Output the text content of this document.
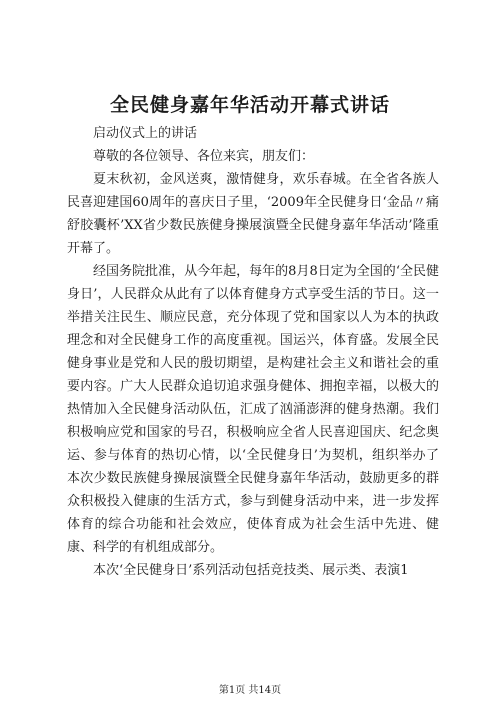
全民健身嘉年华活动开幕式讲话

启动仪式上的讲话

尊敬的各位领导、各位来宾，朋友们：

夏末秋初，金风送爽，激情健身，欢乐春城。在全省各族人民喜迎建国60周年的喜庆日子里，‘2009年全民健身日‘金品〃痛舒胶囊杯’XX省少数民族健身操展演暨全民健身嘉年华活动’隆重开幕了。

经国务院批准，从今年起，每年的8月8日定为全国的‘全民健身日’，人民群众从此有了以体育健身方式享受生活的节日。这一举措关注民生、顺应民意，充分体现了党和国家以人为本的执政理念和对全民健身工作的高度重视。国运兴，体育盛。发展全民健身事业是党和人民的殷切期望，是构建社会主义和谐社会的重要内容。广大人民群众追切追求强身健体、拥抱幸福，以极大的热情加入全民健身活动队伍，汇成了汹涌澎湃的健身热潮。我们积极响应党和国家的号召，积极响应全省人民喜迎国庆、纪念奥运、参与体育的热切心情，以‘全民健身日’为契机，组织举办了本次少数民族健身操展演暨全民健身嘉年华活动，鼓励更多的群众积极投入健康的生活方式，参与到健身活动中来，进一步发挥体育的综合功能和社会效应，使体育成为社会生活中先进、健康、科学的有机组成部分。

本次‘全民健身日’系列活动包括竞技类、展示类、表演1

第1页 共14页
